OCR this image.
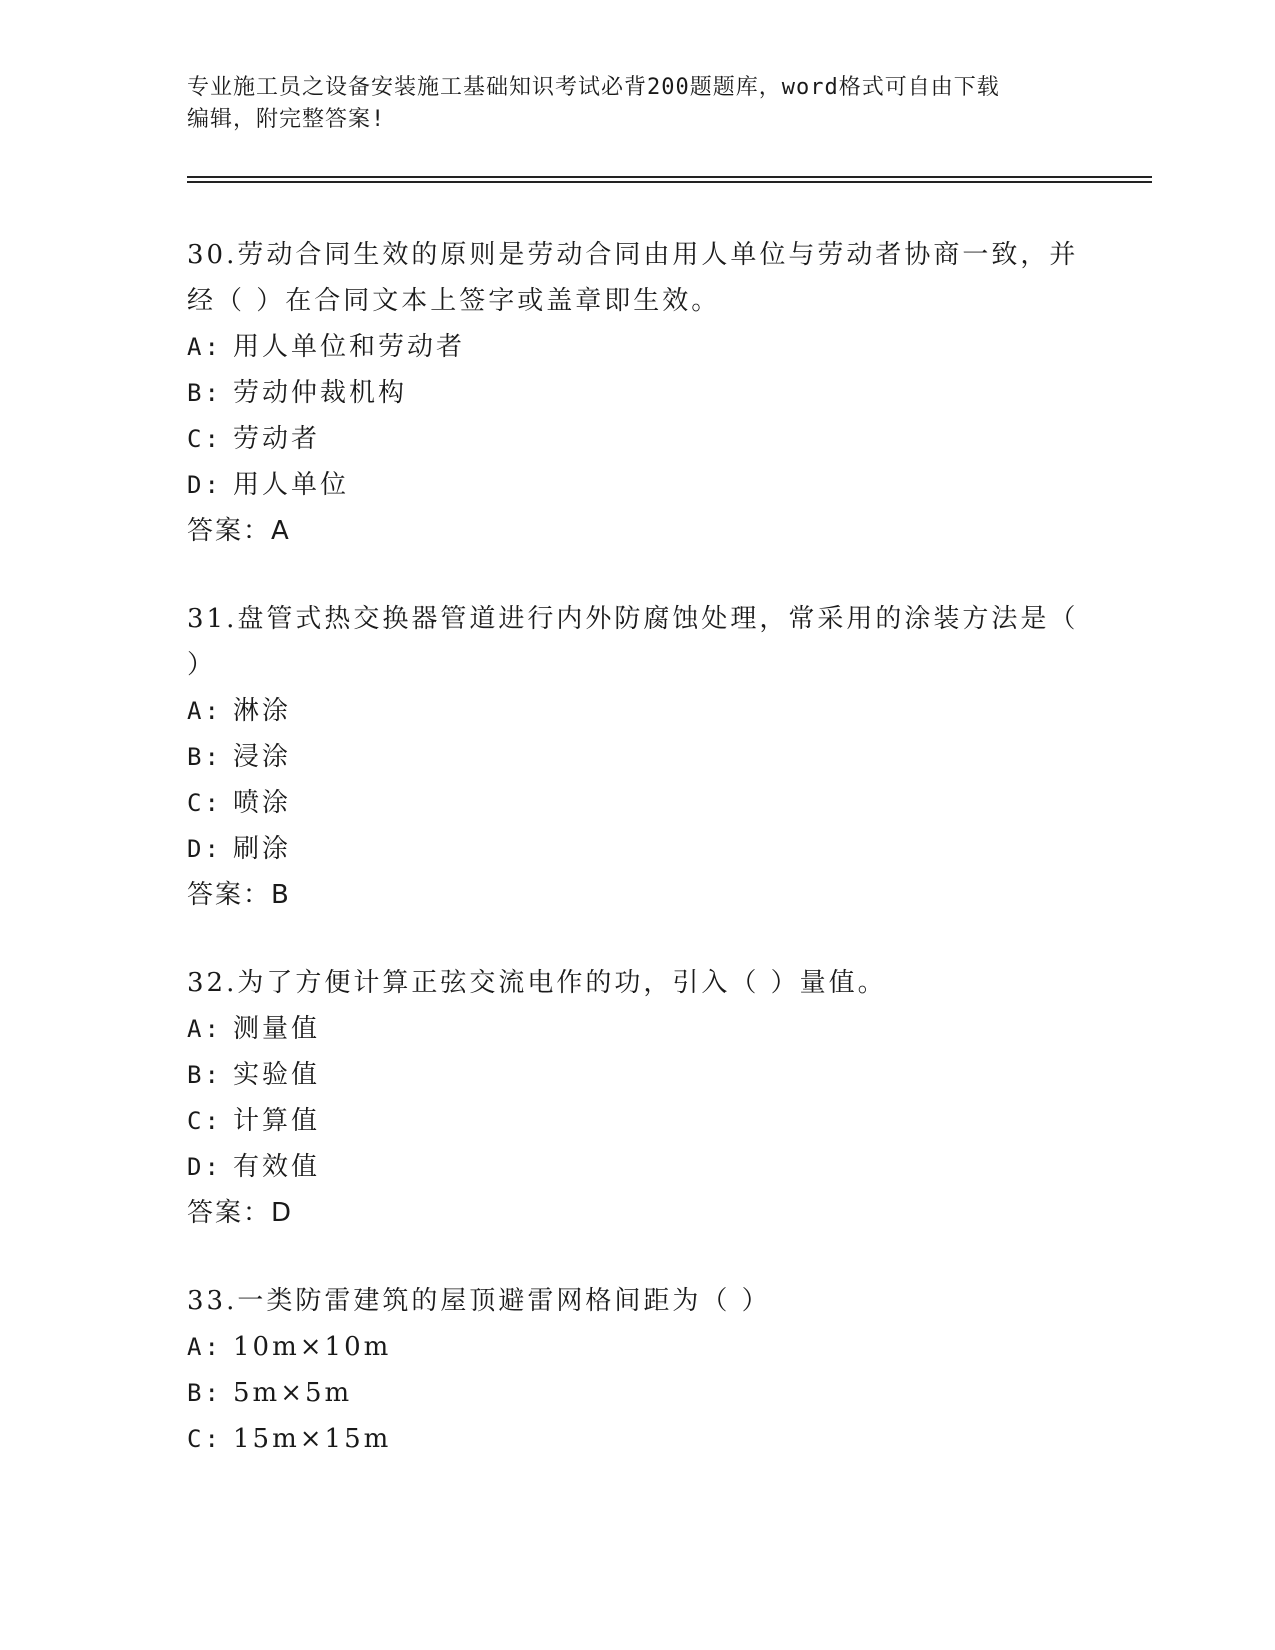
专业施工员之设备安装施工基础知识考试必背200题题库，word格式可自由下载
编辑，附完整答案!

30.劳动合同生效的原则是劳动合同由用人单位与劳动者协商一致，并
经（ ）在合同文本上签字或盖章即生效。

A: 用人单位和劳动者
B: 劳动仲裁机构
C: 劳动者
D: 用人单位
答案：A

31.盘管式热交换器管道进行内外防腐蚀处理，常采用的涂装方法是（
）

A: 淋涂
B: 浸涂
C: 喷涂
D: 刷涂
答案：B

32.为了方便计算正弦交流电作的功，引入（ ）量值。

A: 测量值
B: 实验值
C: 计算值
D: 有效值
答案：D

33.一类防雷建筑的屋顶避雷网格间距为（ ）

A: 10m×10m
B: 5m×5m
C: 15m×15m
